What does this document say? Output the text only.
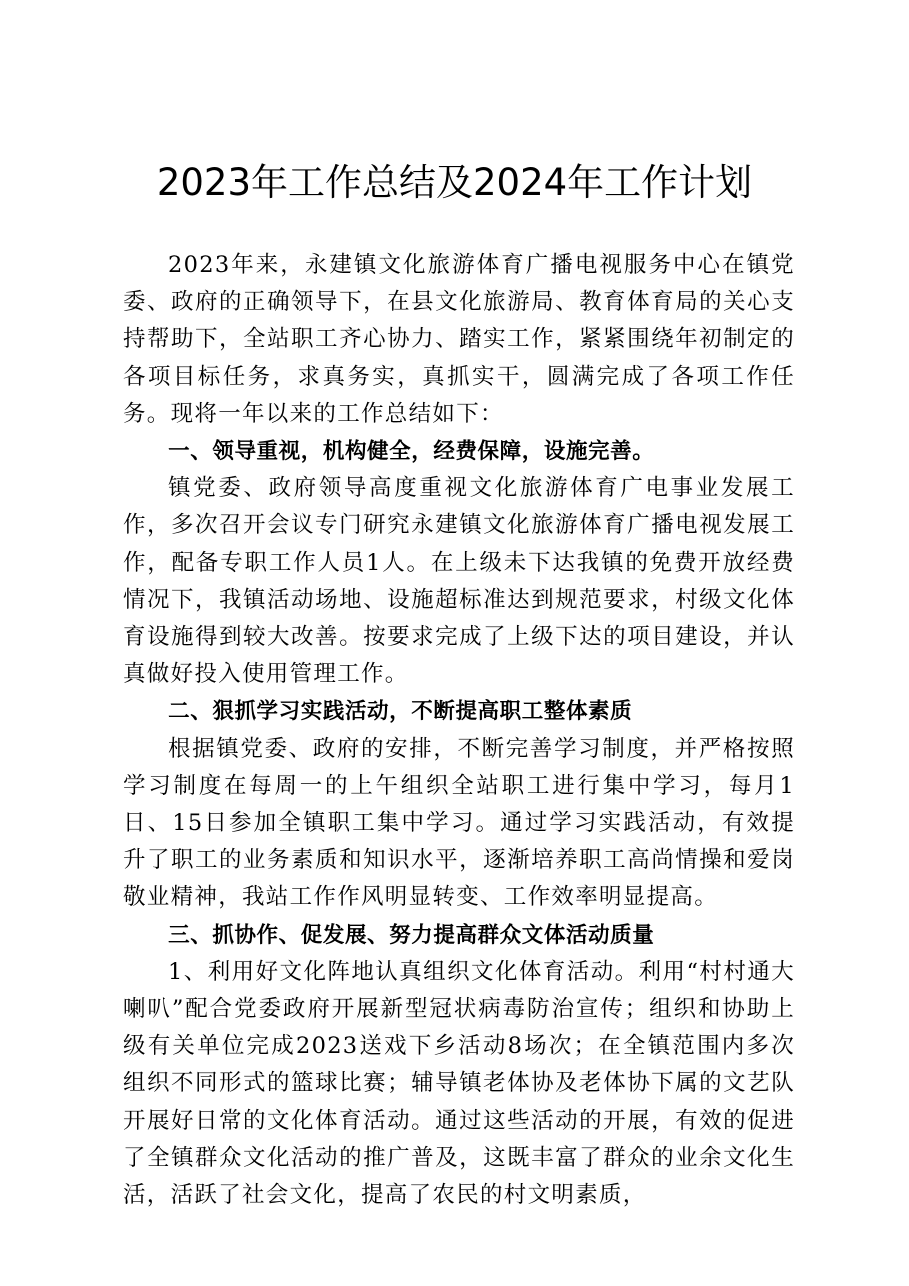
2023年工作总结及2024年工作计划

2023年来，永建镇文化旅游体育广播电视服务中心在镇党委、政府的正确领导下，在县文化旅游局、教育体育局的关心支持帮助下，全站职工齐心协力、踏实工作，紧紧围绕年初制定的各项目标任务，求真务实，真抓实干，圆满完成了各项工作任务。现将一年以来的工作总结如下：

一、领导重视，机构健全，经费保障，设施完善。

镇党委、政府领导高度重视文化旅游体育广电事业发展工作，多次召开会议专门研究永建镇文化旅游体育广播电视发展工作，配备专职工作人员1人。在上级未下达我镇的免费开放经费情况下，我镇活动场地、设施超标准达到规范要求，村级文化体育设施得到较大改善。按要求完成了上级下达的项目建设，并认真做好投入使用管理工作。

二、狠抓学习实践活动，不断提高职工整体素质

根据镇党委、政府的安排，不断完善学习制度，并严格按照学习制度在每周一的上午组织全站职工进行集中学习，每月1日、15日参加全镇职工集中学习。通过学习实践活动，有效提升了职工的业务素质和知识水平，逐渐培养职工高尚情操和爱岗敬业精神，我站工作作风明显转变、工作效率明显提高。

三、抓协作、促发展、努力提高群众文体活动质量

1、利用好文化阵地认真组织文化体育活动。利用“村村通大喇叭”配合党委政府开展新型冠状病毒防治宣传；组织和协助上级有关单位完成2023送戏下乡活动8场次；在全镇范围内多次组织不同形式的篮球比赛；辅导镇老体协及老体协下属的文艺队开展好日常的文化体育活动。通过这些活动的开展，有效的促进了全镇群众文化活动的推广普及，这既丰富了群众的业余文化生活，活跃了社会文化，提高了农民的村文明素质，
